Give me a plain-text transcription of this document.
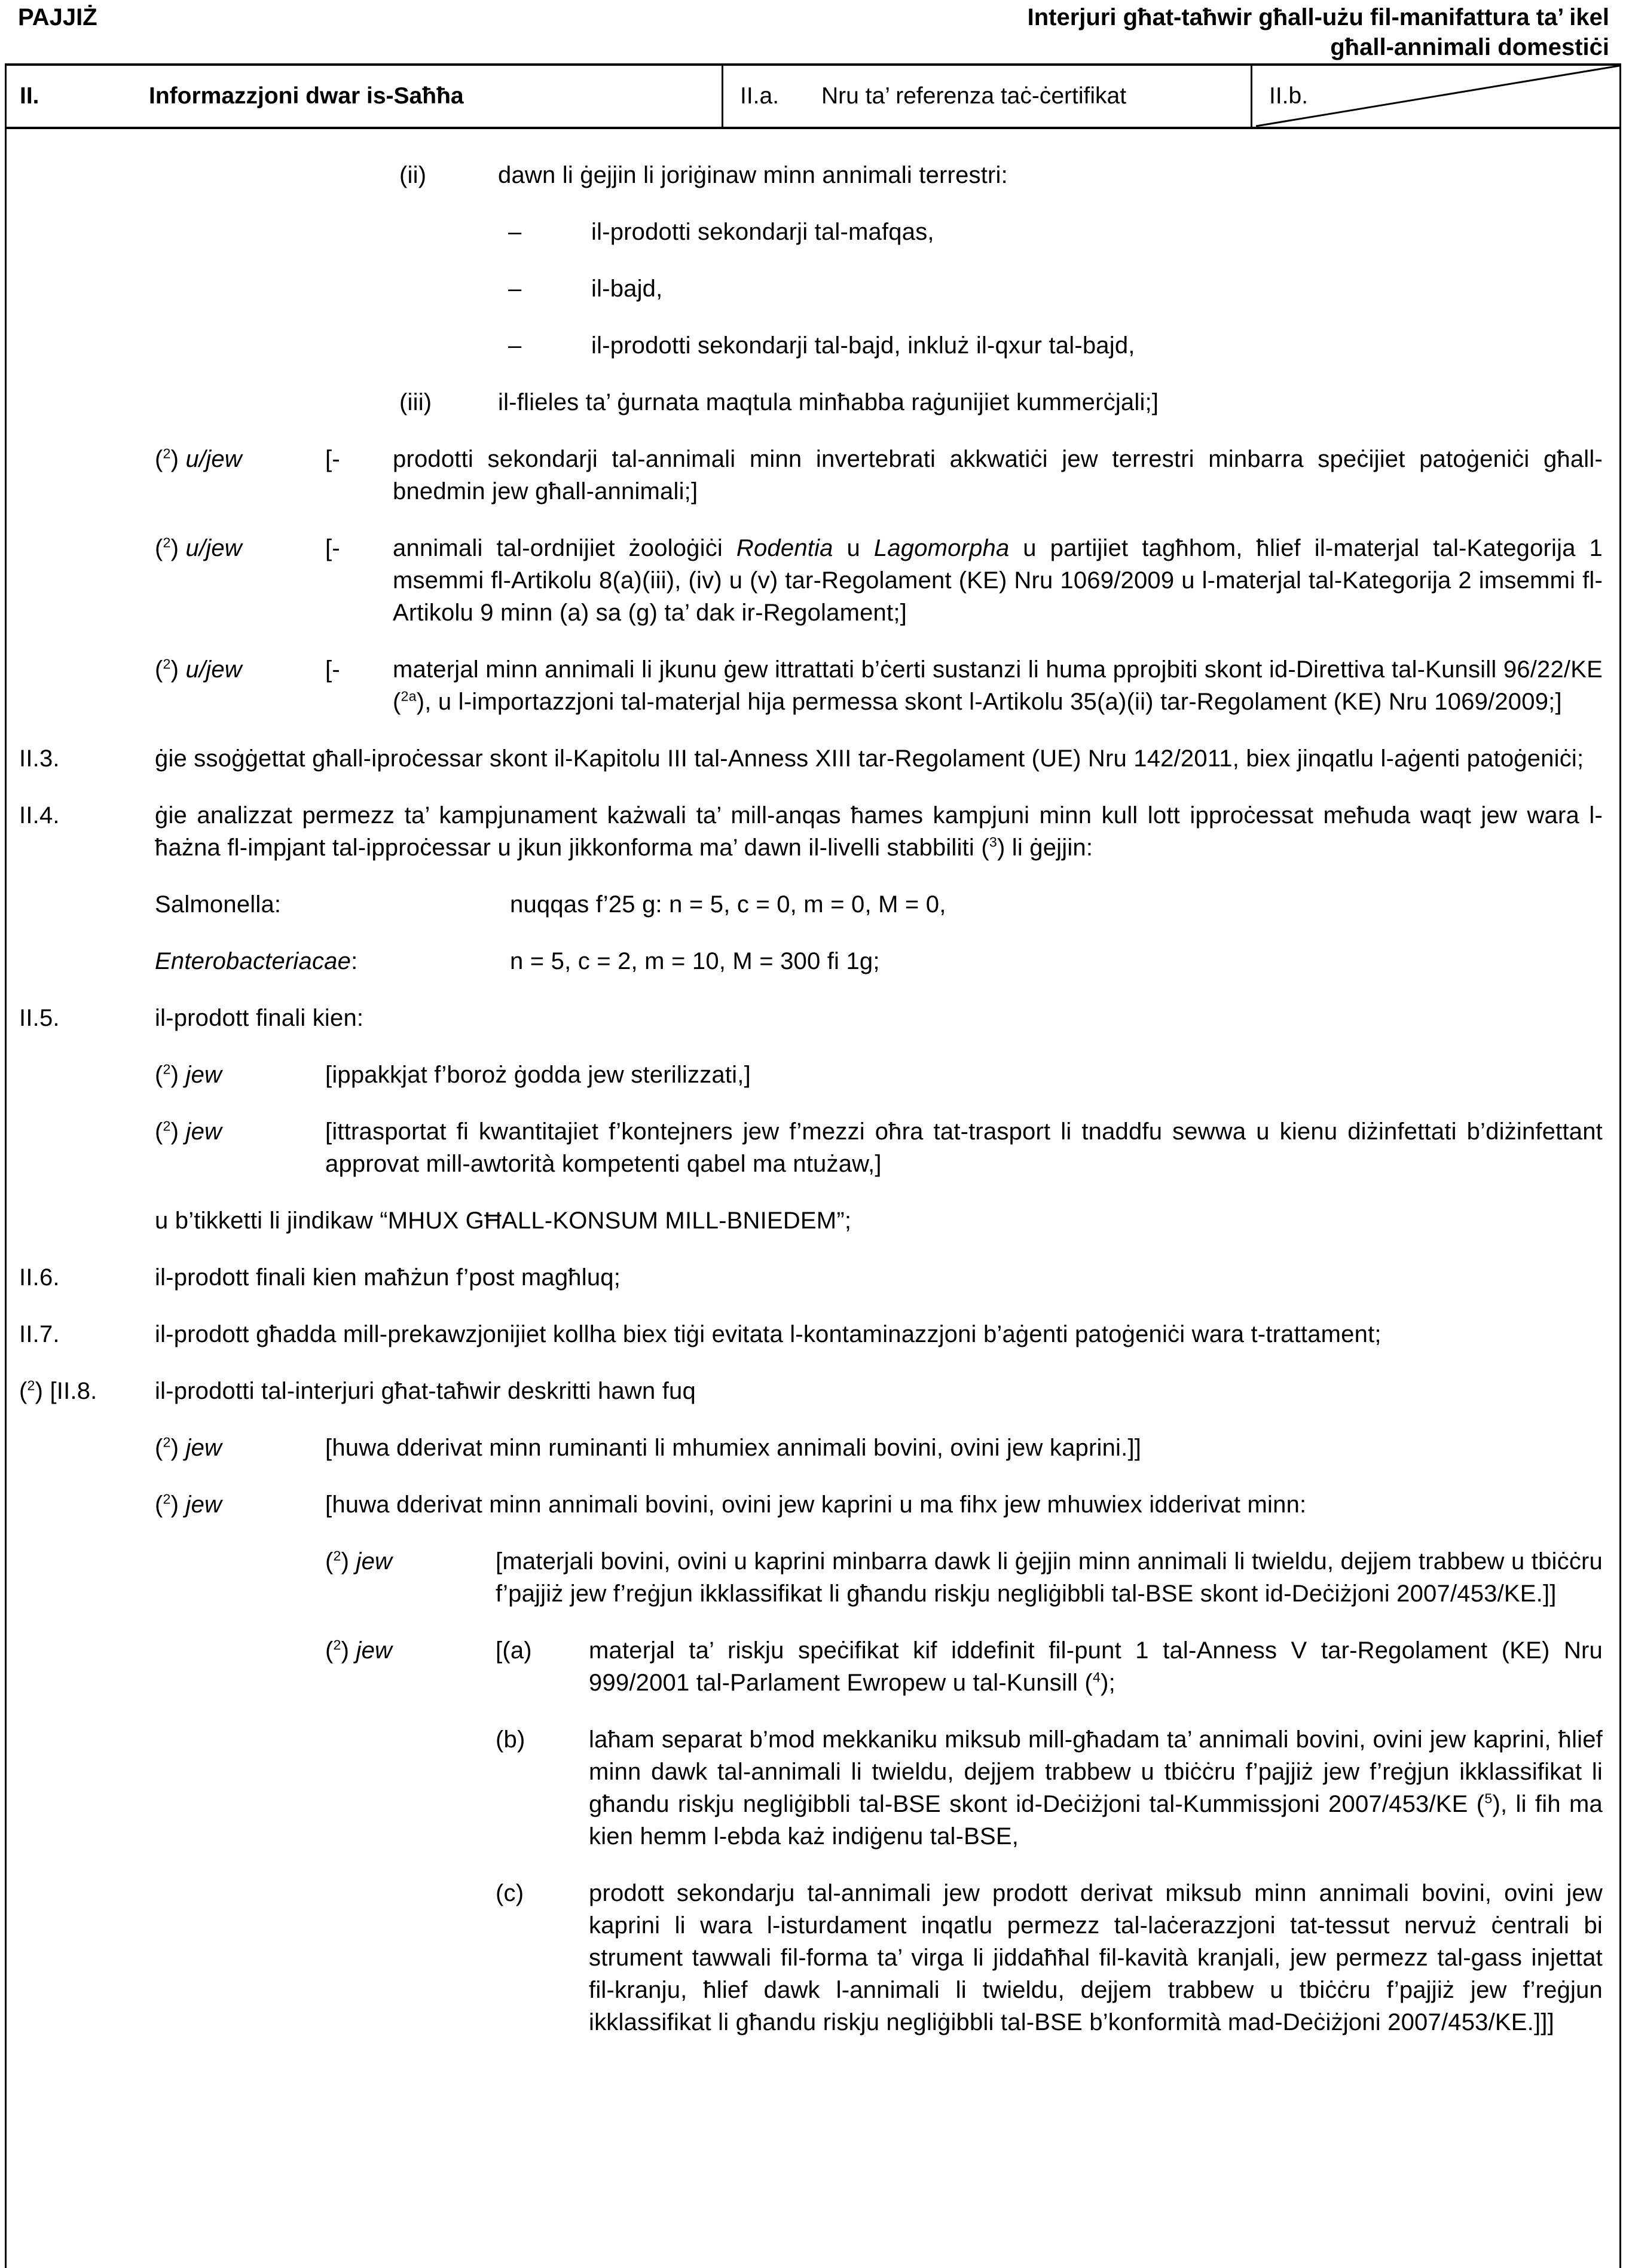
PAJJIŻ	Interjuri għat-taħwir għall-użu fil-manifattura ta’ ikel
għall-annimali domestiċi
II.	Informazzjoni dwar is-Saħħa	II.a.	Nru ta’ referenza taċ-ċertifikat	II.b.
(ii)	dawn li ġejjin li joriġinaw minn annimali terrestri:
–	il-prodotti sekondarji tal-mafqas,
–	il-bajd,
–	il-prodotti sekondarji tal-bajd, inkluż il-qxur tal-bajd,
(iii)	il-flieles ta’ ġurnata maqtula minħabba raġunijiet kummerċjali;]
($^2$) u/jew	[-	prodotti sekondarji tal-annimali minn invertebrati akkwatiċi jew terrestri minbarra speċijiet patoġeniċi għall-bnedmin jew għall-annimali;]
($^2$) u/jew	[-	annimali tal-ordnijiet żooloġiċi Rodentia u Lagomorpha u partijiet tagħhom, ħlief il-materjal tal-Kategorija 1 msemmi fl-Artikolu 8(a)(iii), (iv) u (v) tar-Regolament (KE) Nru 1069/2009 u l-materjal tal-Kategorija 2 imsemmi fl-Artikolu 9 minn (a) sa (g) ta’ dak ir-Regolament;]
($^2$) u/jew	[-	materjal minn annimali li jkunu ġew ittrattati b’ċerti sustanzi li huma pprojbiti skont id-Direttiva tal-Kunsill 96/22/KE ($^{2a}$), u l-importazzjoni tal-materjal hija permessa skont l-Artikolu 35(a)(ii) tar-Regolament (KE) Nru 1069/2009;]
II.3.	ġie ssoġġettat għall-iproċessar skont il-Kapitolu III tal-Anness XIII tar-Regolament (UE) Nru 142/2011, biex jinqatlu l-aġenti patoġeniċi;
II.4.	ġie analizzat permezz ta’ kampjunament każwali ta’ mill-anqas ħames kampjuni minn kull lott ipproċessat meħuda waqt jew wara l-ħażna fl-impjant tal-ipproċessar u jkun jikkonforma ma’ dawn il-livelli stabbiliti ($^3$) li ġejjin:
Salmonella:	nuqqas f’25 g: n = 5, c = 0, m = 0, M = 0,
Enterobacteriacae:	n = 5, c = 2, m = 10, M = 300 fi 1g;
II.5.	il-prodott finali kien:
($^2$) jew	[ippakkjat f’boroż ġodda jew sterilizzati,]
($^2$) jew	[ittrasportat fi kwantitajiet f’kontejners jew f’mezzi oħra tat-trasport li tnaddfu sewwa u kienu diżinfettati b’diżinfettant approvat mill-awtorità kompetenti qabel ma ntużaw,]
u b’tikketti li jindikaw “MHUX GĦALL-KONSUM MILL-BNIEDEM”;
II.6.	il-prodott finali kien maħżun f’post magħluq;
II.7.	il-prodott għadda mill-prekawzjonijiet kollha biex tiġi evitata l-kontaminazzjoni b’aġenti patoġeniċi wara t-trattament;
($^2$) [II.8.	il-prodotti tal-interjuri għat-taħwir deskritti hawn fuq
($^2$) jew	[huwa dderivat minn ruminanti li mhumiex annimali bovini, ovini jew kaprini.]]
($^2$) jew	[huwa dderivat minn annimali bovini, ovini jew kaprini u ma fihx jew mhuwiex idderivat minn:
($^2$) jew	[materjali bovini, ovini u kaprini minbarra dawk li ġejjin minn annimali li twieldu, dejjem trabbew u tbiċċru f’pajjiż jew f’reġjun ikklassifikat li għandu riskju negliġibbli tal-BSE skont id-Deċiżjoni 2007/453/KE.]]
($^2$) jew	[(a)	materjal ta’ riskju speċifikat kif iddefinit fil-punt 1 tal-Anness V tar-Regolament (KE) Nru 999/2001 tal-Parlament Ewropew u tal-Kunsill ($^4$);
(b)	laħam separat b’mod mekkaniku miksub mill-għadam ta’ annimali bovini, ovini jew kaprini, ħlief minn dawk tal-annimali li twieldu, dejjem trabbew u tbiċċru f’pajjiż jew f’reġjun ikklassifikat li għandu riskju negliġibbli tal-BSE skont id-Deċiżjoni tal-Kummissjoni 2007/453/KE ($^5$), li fih ma kien hemm l-ebda każ indiġenu tal-BSE,
(c)	prodott sekondarju tal-annimali jew prodott derivat miksub minn annimali bovini, ovini jew kaprini li wara l-isturdament inqatlu permezz tal-laċerazzjoni tat-tessut nervuż ċentrali bi strument tawwali fil-forma ta’ virga li jiddaħħal fil-kavità kranjali, jew permezz tal-gass injettat fil-kranju, ħlief dawk l-annimali li twieldu, dejjem trabbew u tbiċċru f’pajjiż jew f’reġjun ikklassifikat li għandu riskju negliġibbli tal-BSE b’konformità mad-Deċiżjoni 2007/453/KE.]]]
